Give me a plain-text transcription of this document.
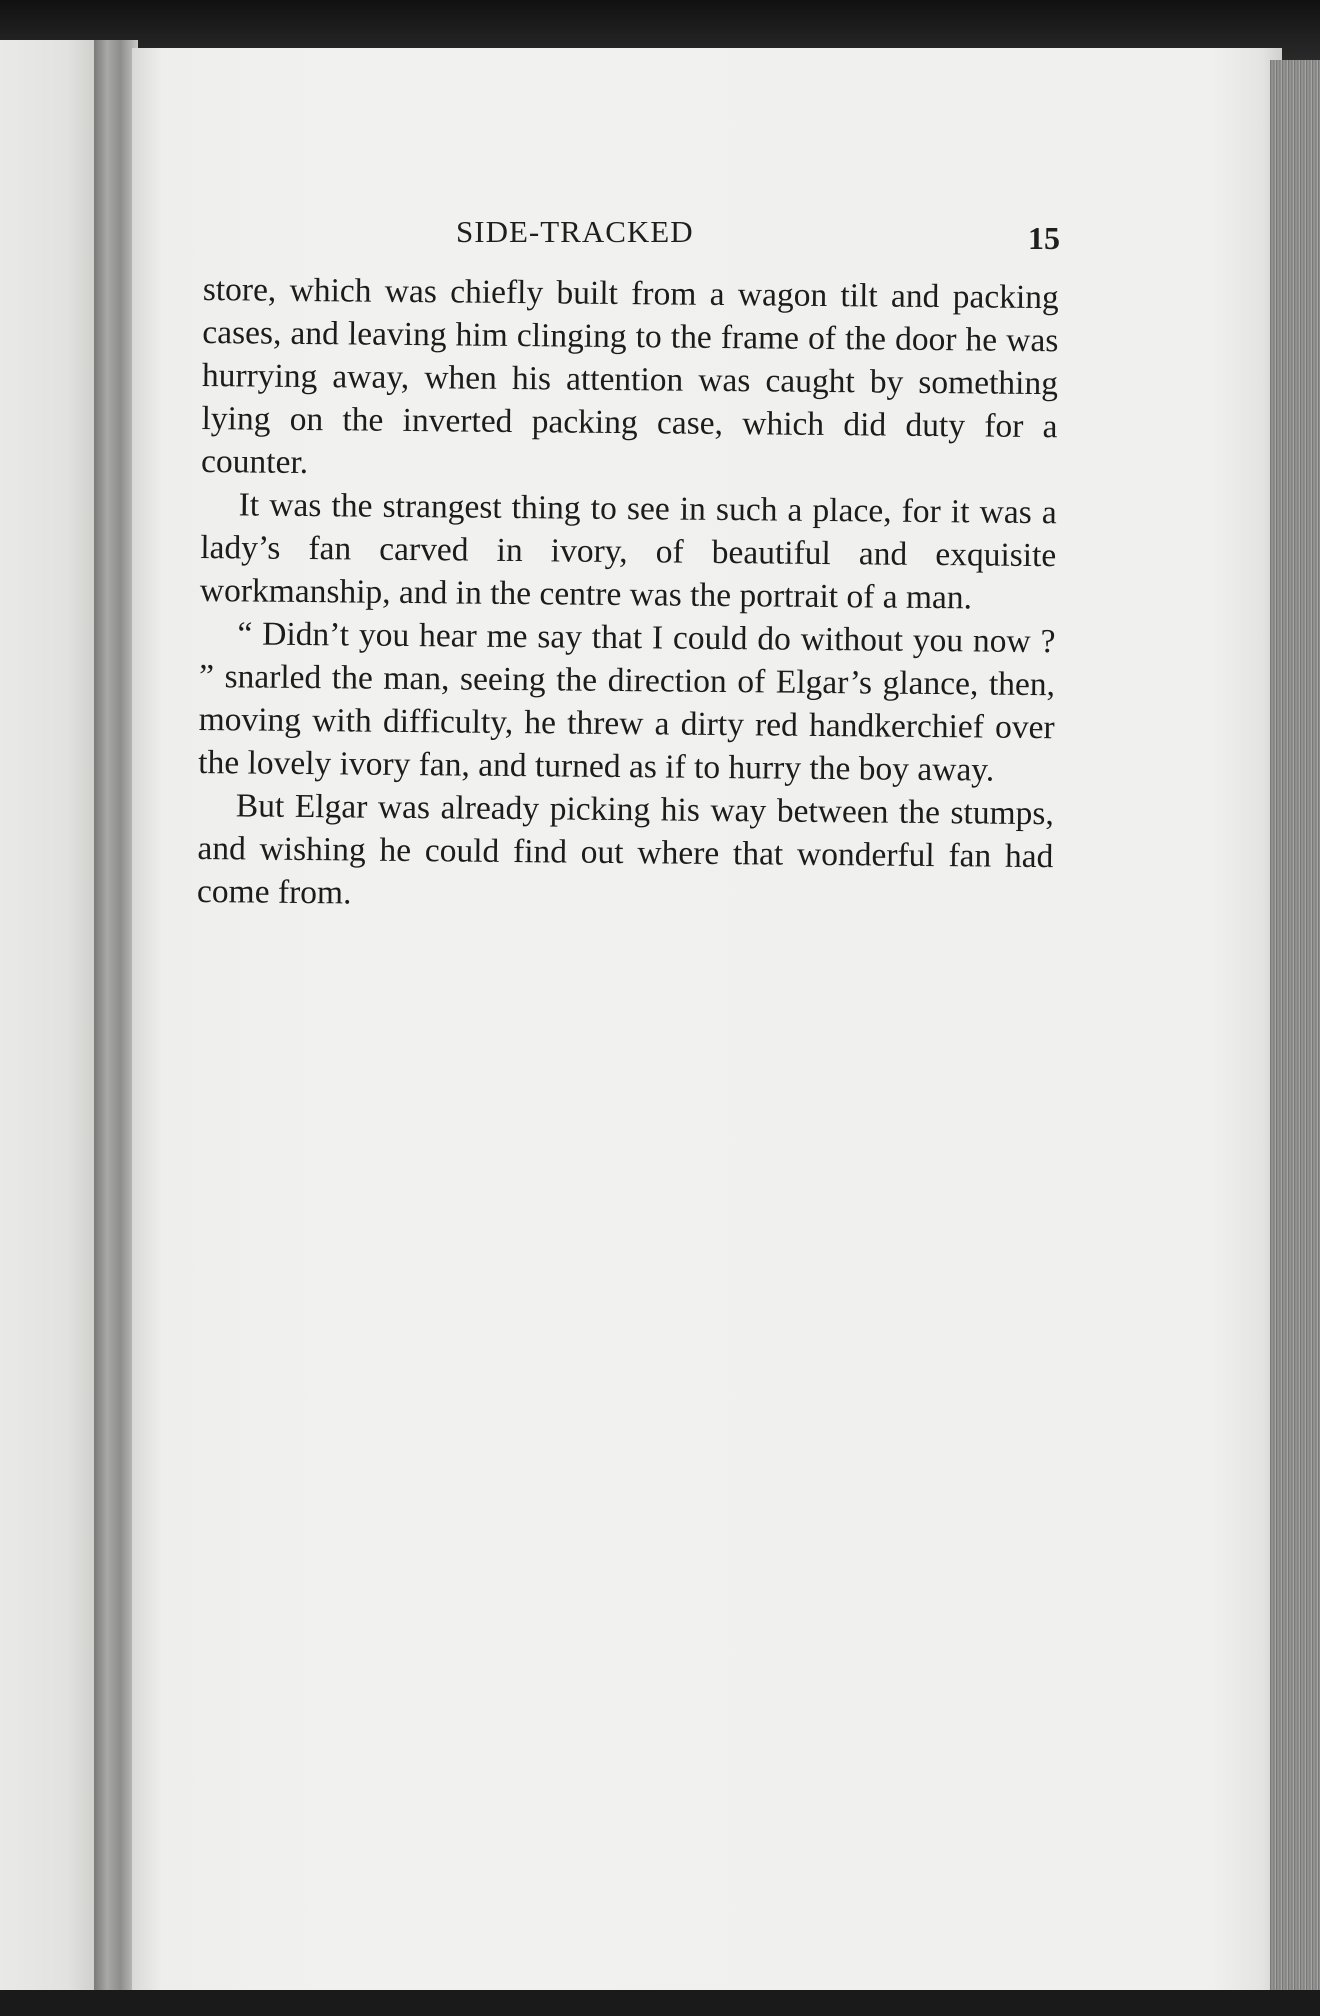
SIDE-TRACKED	15

store, which was chiefly built from a wagon tilt and packing cases, and leaving him clinging to the frame of the door he was hurrying away, when his attention was caught by something lying on the inverted packing case, which did duty for a counter.

It was the strangest thing to see in such a place, for it was a lady’s fan carved in ivory, of beautiful and exquisite workmanship, and in the centre was the portrait of a man.

“ Didn’t you hear me say that I could do without you now ? ” snarled the man, seeing the direction of Elgar’s glance, then, moving with difficulty, he threw a dirty red handkerchief over the lovely ivory fan, and turned as if to hurry the boy away.

But Elgar was already picking his way between the stumps, and wishing he could find out where that wonderful fan had come from.
